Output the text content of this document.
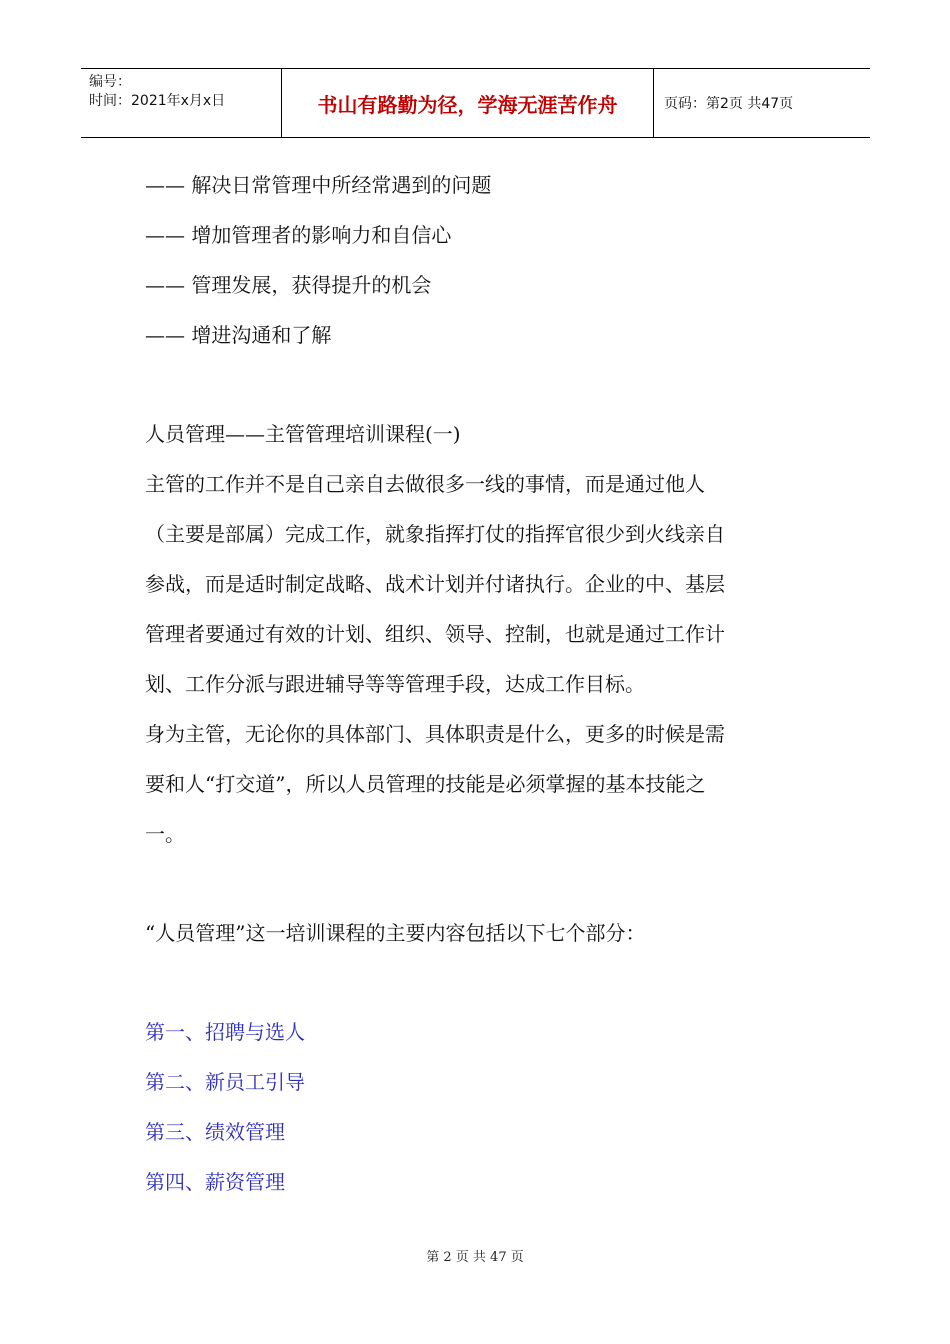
编号：
时间：2021年x月x日	书山有路勤为径，学海无涯苦作舟	页码：第2页 共47页

—— 解决日常管理中所经常遇到的问题

—— 增加管理者的影响力和自信心

—— 管理发展，获得提升的机会

—— 增进沟通和了解

人员管理——主管管理培训课程(一)

主管的工作并不是自己亲自去做很多一线的事情，而是通过他人

（主要是部属）完成工作，就象指挥打仗的指挥官很少到火线亲自

参战，而是适时制定战略、战术计划并付诸执行。企业的中、基层

管理者要通过有效的计划、组织、领导、控制，也就是通过工作计

划、工作分派与跟进辅导等等管理手段，达成工作目标。

身为主管，无论你的具体部门、具体职责是什么，更多的时候是需

要和人“打交道”，所以人员管理的技能是必须掌握的基本技能之

一。

“人员管理”这一培训课程的主要内容包括以下七个部分：

第一、招聘与选人

第二、新员工引导

第三、绩效管理

第四、薪资管理

第 2 页 共 47 页
